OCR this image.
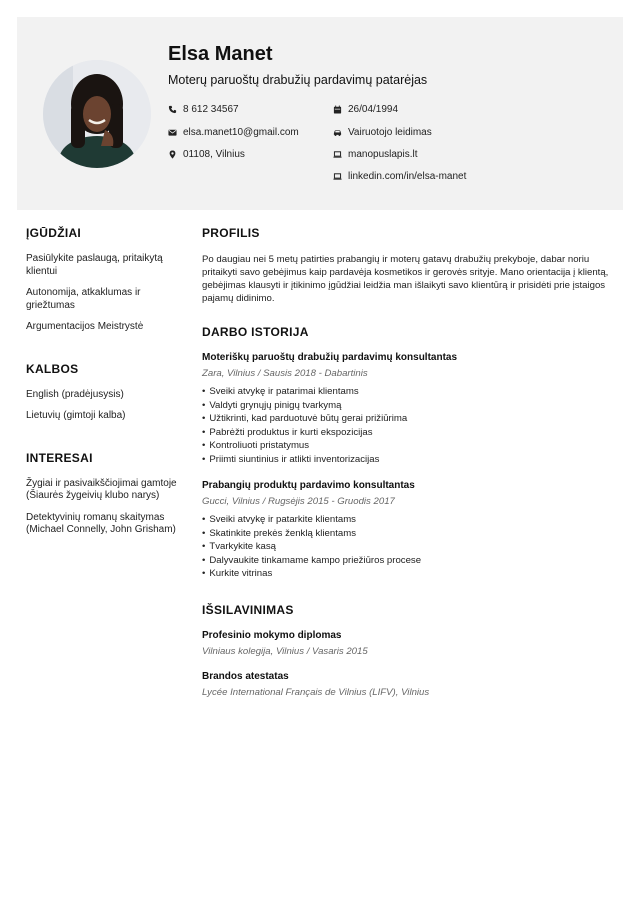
Elsa Manet
Moterų paruoštų drabužių pardavimų patarėjas
8 612 34567
elsa.manet10@gmail.com
01108, Vilnius
26/04/1994
Vairuotojo leidimas
manopuslapis.lt
linkedin.com/in/elsa-manet
ĮGŪDŽIAI
Pasiūlykite paslaugą, pritaikytą klientui
Autonomija, atkaklumas ir griežtumas
Argumentacijos Meistrystė
KALBOS
English (pradėjusysis)
Lietuvių (gimtoji kalba)
INTERESAI
Žygiai ir pasivaikščiojimai gamtoje (Šiaurės žygeivių klubo narys)
Detektyvinių romanų skaitymas (Michael Connelly, John Grisham)
PROFILIS
Po daugiau nei 5 metų patirties prabangių ir moterų gatavų drabužių prekyboje, dabar noriu pritaikyti savo gebėjimus kaip pardavėja kosmetikos ir gerovės srityje. Mano orientacija į klientą, gebėjimas klausyti ir įtikinimo įgūdžiai leidžia man išlaikyti savo klientūrą ir prisidėti prie įstaigos pajamų didinimo.
DARBO ISTORIJA
Moteriškų paruoštų drabužių pardavimų konsultantas
Zara, Vilnius / Sausis 2018 - Dabartinis
• Sveiki atvykę ir patarimai klientams
• Valdyti grynųjų pinigų tvarkymą
• Užtikrinti, kad parduotuvė būtų gerai prižiūrima
• Pabrėžti produktus ir kurti ekspozicijas
• Kontroliuoti pristatymus
• Priimti siuntinius ir atlikti inventorizacijas
Prabangių produktų pardavimo konsultantas
Gucci, Vilnius / Rugsėjis 2015 - Gruodis 2017
• Sveiki atvykę ir patarkite klientams
• Skatinkite prekės ženklą klientams
• Tvarkykite kasą
• Dalyvaukite tinkamame kampo priežiūros procese
• Kurkite vitrinas
IŠSILAVINIMAS
Profesinio mokymo diplomas
Vilniaus kolegija, Vilnius / Vasaris 2015
Brandos atestatas
Lycée International Français de Vilnius (LIFV), Vilnius
